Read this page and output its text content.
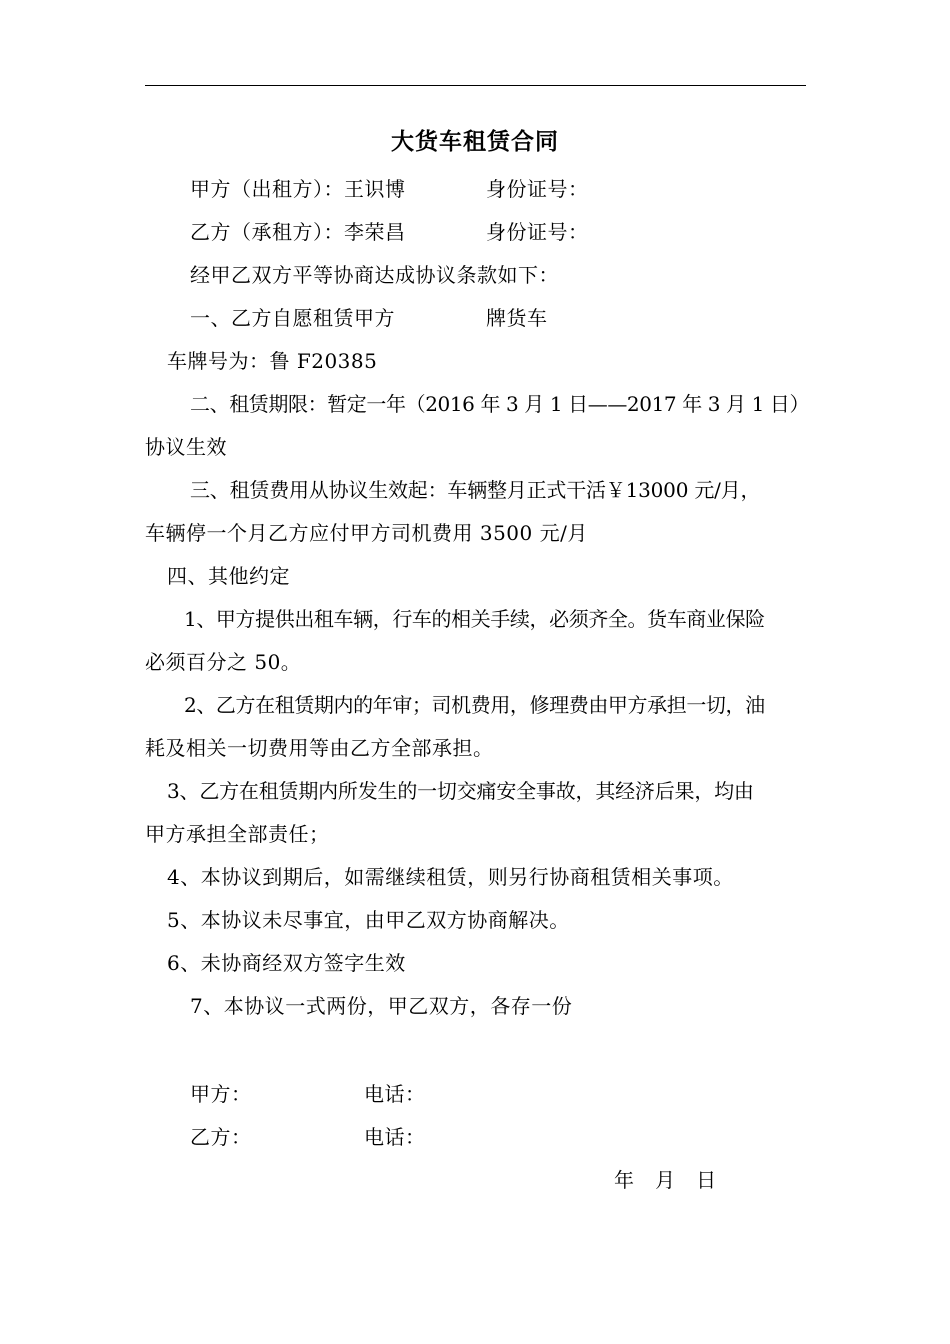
大货车租赁合同
甲方（出租方）：王识博	身份证号：
乙方（承租方）：李荣昌	身份证号：
经甲乙双方平等协商达成协议条款如下：
一、乙方自愿租赁甲方	牌货车
车牌号为：鲁 F20385
二、租赁期限：暂定一年（2016 年 3 月 1 日——2017 年 3 月 1 日）
协议生效
三、租赁费用从协议生效起：车辆整月正式干活￥13000 元/月，
车辆停一个月乙方应付甲方司机费用 3500 元/月
四、其他约定
1、甲方提供出租车辆，行车的相关手续，必须齐全。货车商业保险
必须百分之 50。
2、乙方在租赁期内的年审；司机费用，修理费由甲方承担一切，油
耗及相关一切费用等由乙方全部承担。
3、乙方在租赁期内所发生的一切交痛安全事故，其经济后果，均由
甲方承担全部责任；
4、本协议到期后，如需继续租赁，则另行协商租赁相关事项。
5、本协议未尽事宜，由甲乙双方协商解决。
6、未协商经双方签字生效
7、本协议一式两份，甲乙双方，各存一份
甲方：	电话：
乙方：	电话：
年   月   日
